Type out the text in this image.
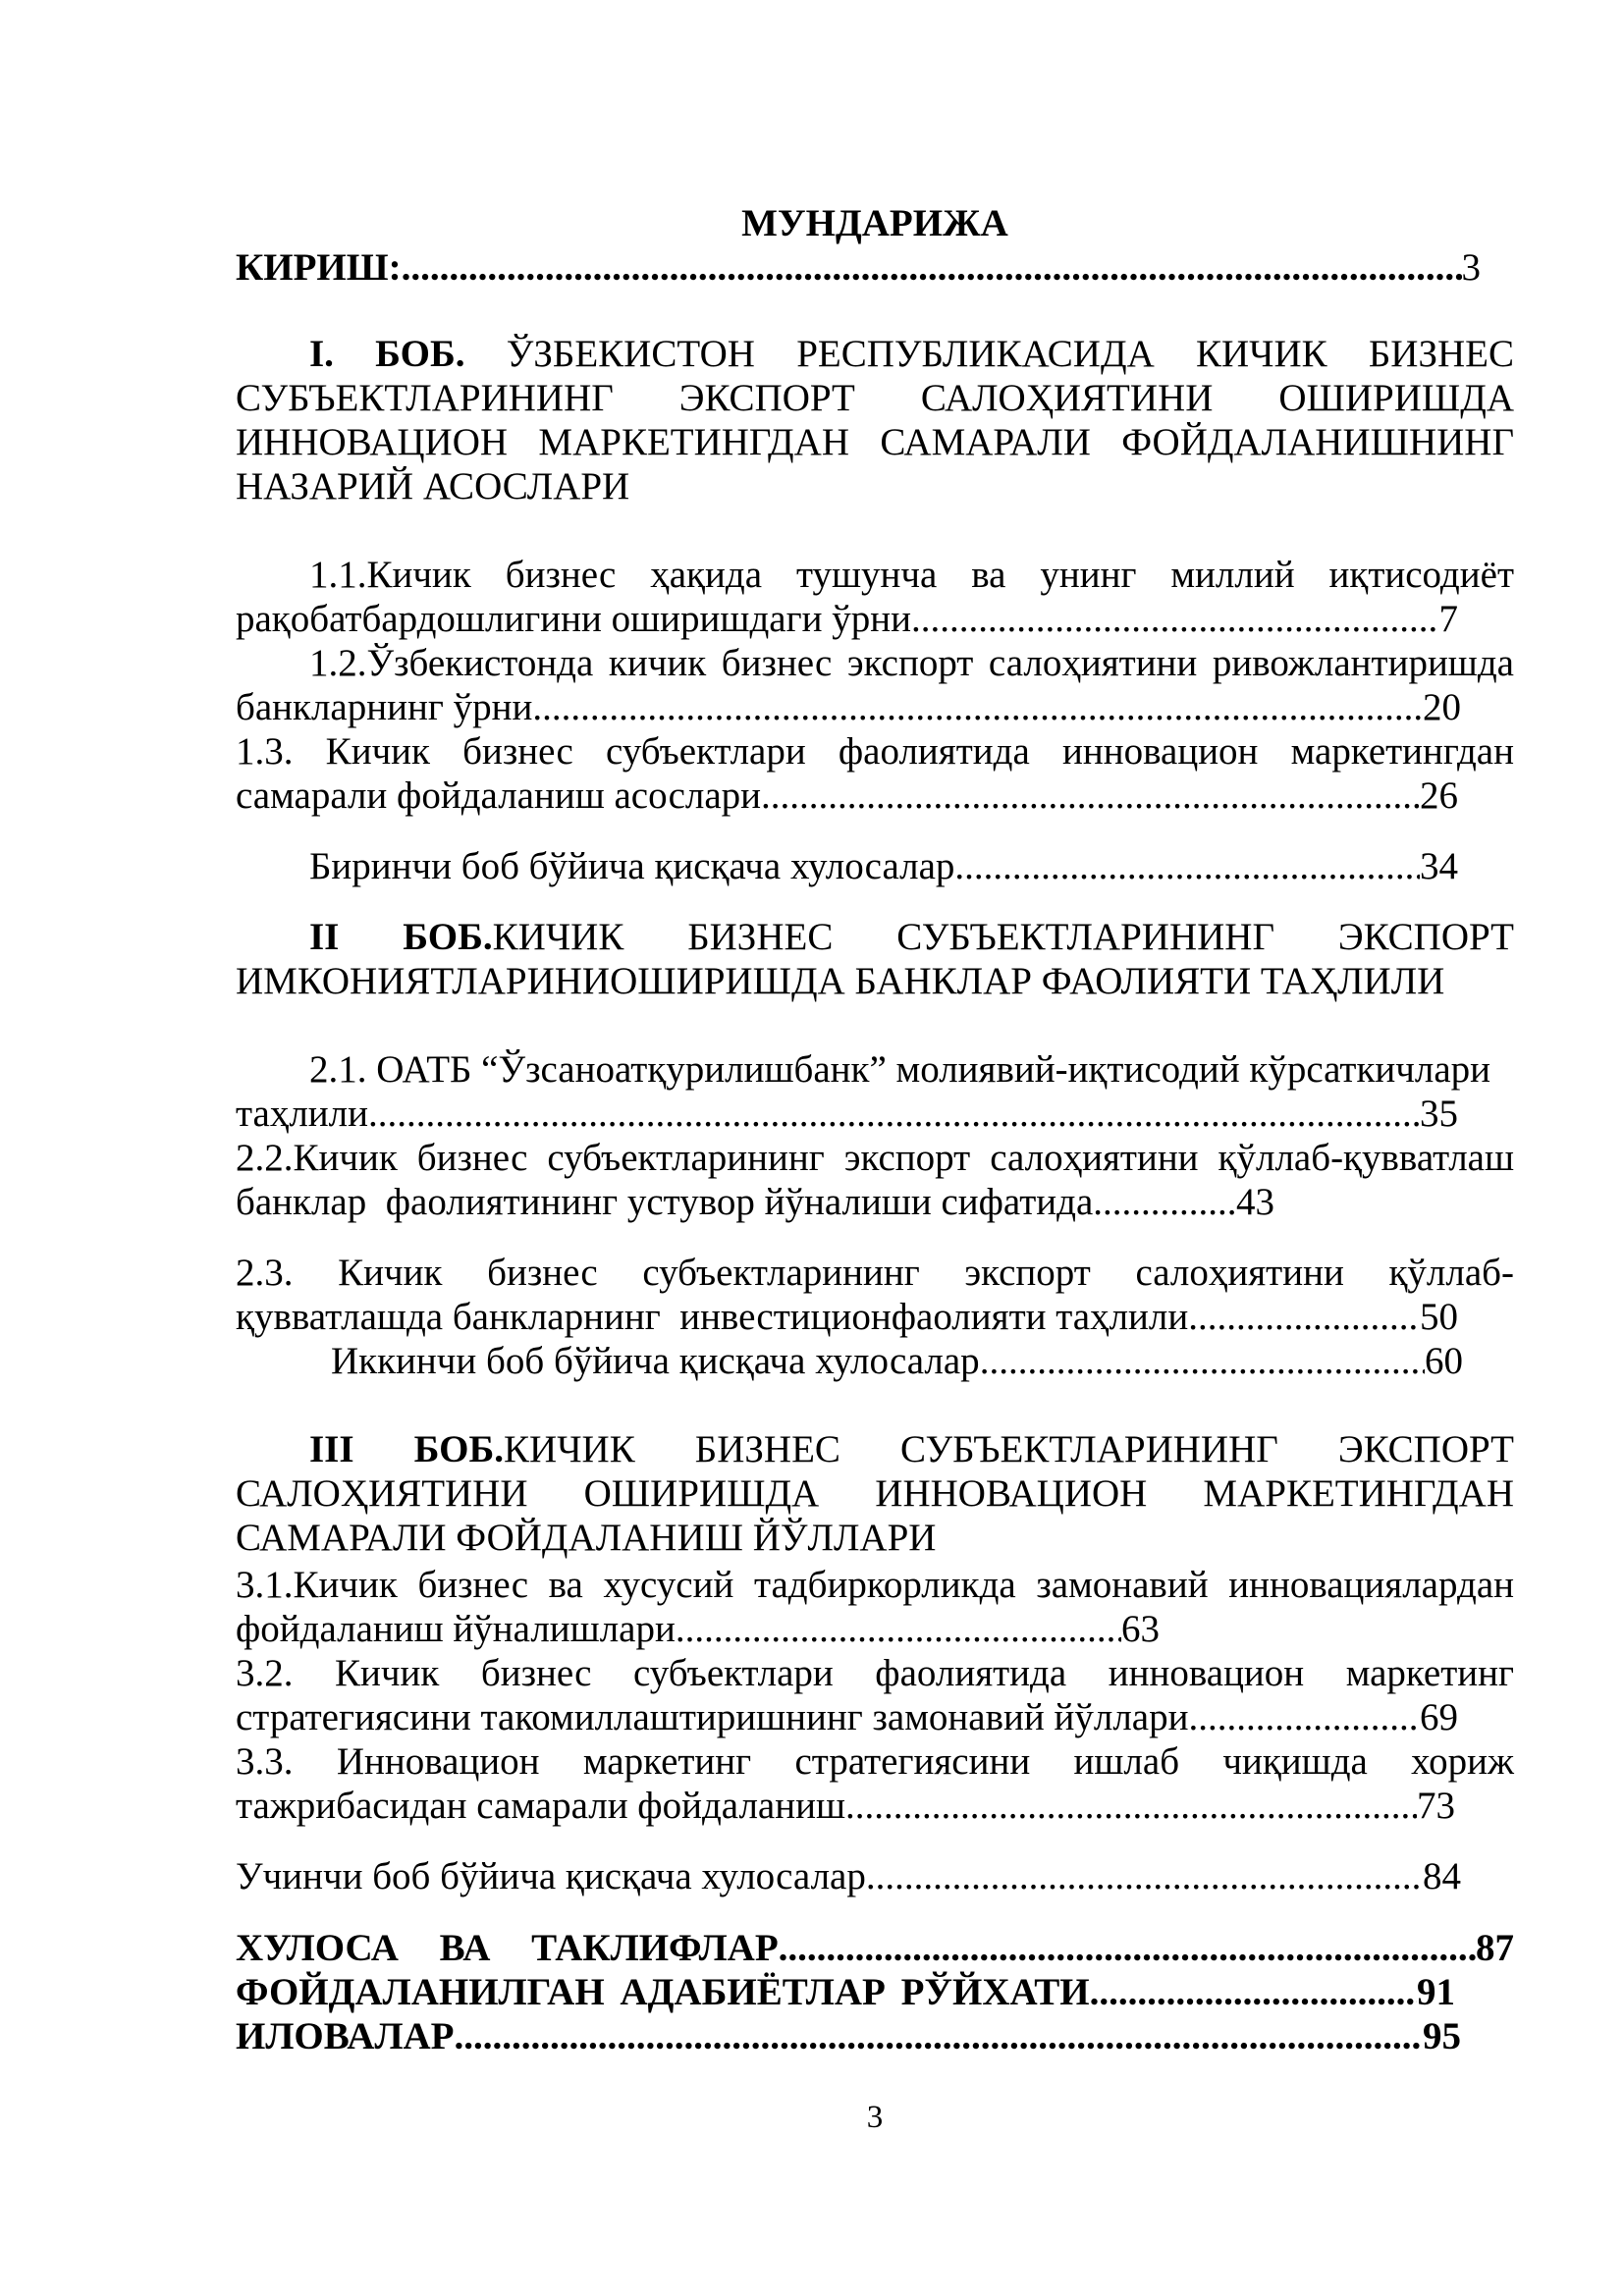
МУНДАРИЖА
КИРИШ: .....	3
I. БОБ. ЎЗБЕКИСТОН РЕСПУБЛИКАСИДА КИЧИК БИЗНЕС
СУБЪЕКТЛАРИНИНГ ЭКСПОРТ САЛОҲИЯТИНИ ОШИРИШДА
ИННОВАЦИОН МАРКЕТИНГДАН САМАРАЛИ ФОЙДАЛАНИШНИНГ
НАЗАРИЙ АСОСЛАРИ
1.1.Кичик бизнес ҳақида тушунча ва унинг миллий иқтисодиёт
рақобатбардошлигини оширишдаги ўрни .....	7
1.2.Ўзбекистонда кичик бизнес экспорт салоҳиятини ривожлантиришда
банкларнинг ўрни .....	20
1.3. Кичик бизнес субъектлари фаолиятида инновацион маркетингдан
самарали фойдаланиш асослари .....	26
Биринчи боб бўйича қисқача хулосалар .....	34
II БОБ.КИЧИК БИЗНЕС СУБЪЕКТЛАРИНИНГ ЭКСПОРТ
ИМКОНИЯТЛАРИНИОШИРИШДА БАНКЛАР ФАОЛИЯТИ ТАҲЛИЛИ
2.1. ОАТБ “Ўзсаноатқурилишбанк” молиявий-иқтисодий кўрсаткичлари
таҳлили .....	35
2.2.Кичик бизнес субъектларининг экспорт салоҳиятини қўллаб-қувватлаш
банклар  фаолиятининг устувор йўналиши сифатида .....	43
2.3. Кичик бизнес субъектларининг экспорт салоҳиятини қўллаб-
қувватлашда банкларнинг  инвестиционфаолияти таҳлили .....	50
Иккинчи боб бўйича қисқача хулосалар .....	60
III БОБ.КИЧИК БИЗНЕС СУБЪЕКТЛАРИНИНГ ЭКСПОРТ
САЛОҲИЯТИНИ ОШИРИШДА ИННОВАЦИОН МАРКЕТИНГДАН
САМАРАЛИ ФОЙДАЛАНИШ ЙЎЛЛАРИ
3.1.Кичик бизнес ва хусусий тадбиркорликда замонавий инновациялардан
фойдаланиш йўналишлари .....	63
3.2. Кичик бизнес субъектлари фаолиятида инновацион маркетинг
стратегиясини такомиллаштиришнинг замонавий йўллари .....	69
3.3. Инновацион маркетинг стратегиясини ишлаб чиқишда хориж
тажрибасидан самарали фойдаланиш .....	73
Учинчи боб бўйича қисқача хулосалар .....	84
ХУЛОСА ВА ТАКЛИФЛАР .....	87
ФОЙДАЛАНИЛГАН АДАБИЁТЛАР РЎЙХАТИ .....	91
ИЛОВАЛАР .....	95
3
